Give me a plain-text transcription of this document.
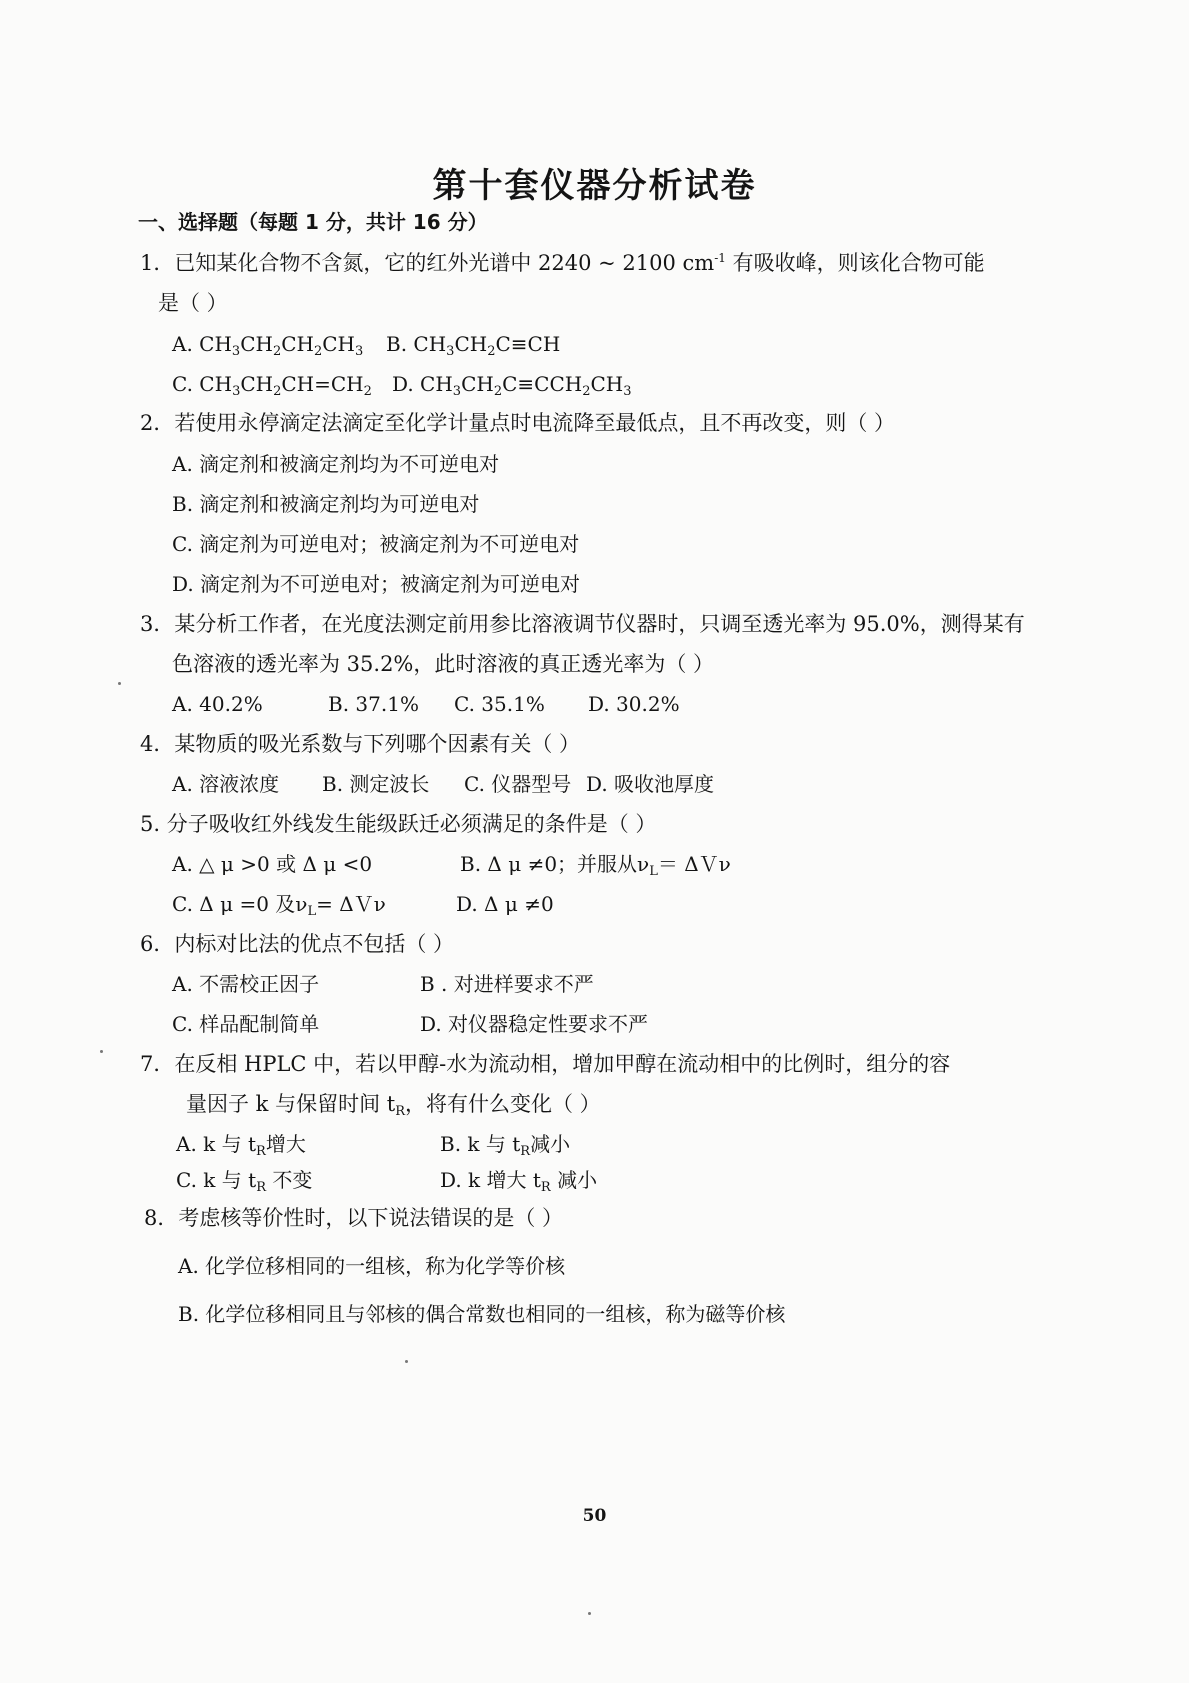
第十套仪器分析试卷
一、选择题（每题 1 分，共计 16 分）
1．已知某化合物不含氮，它的红外光谱中 2240 ~ 2100 $cm^{-1}$ 有吸收峰，则该化合物可能
是（ ）
A. $CH_3CH_2CH_2CH_3$ B. $CH_3CH_2C\equiv CH$
C. $CH_3CH_2CH=CH_2$ D. $CH_3CH_2C\equiv CCH_2CH_3$
2．若使用永停滴定法滴定至化学计量点时电流降至最低点，且不再改变，则（ ）
A. 滴定剂和被滴定剂均为不可逆电对
B. 滴定剂和被滴定剂均为可逆电对
C. 滴定剂为可逆电对；被滴定剂为不可逆电对
D. 滴定剂为不可逆电对；被滴定剂为可逆电对
3．某分析工作者，在光度法测定前用参比溶液调节仪器时，只调至透光率为 95.0%，测得某有
色溶液的透光率为 35.2%，此时溶液的真正透光率为（ ）
A. 40.2%	B. 37.1% C. 35.1% D. 30.2%
4．某物质的吸光系数与下列哪个因素有关（ ）
A. 溶液浓度 B. 测定波长 C. 仪器型号 D. 吸收池厚度
5. 分子吸收红外线发生能级跃迁必须满足的条件是（ ）
A. △ μ >0 或 Δ μ <0	B. Δ μ ≠0；并服从$\nu_L=$ ΔＶν
C. Δ μ =0 及$\nu_L=$ ΔＶν	D. Δ μ ≠0
6．内标对比法的优点不包括（ ）
A. 不需校正因子	B . 对进样要求不严
C. 样品配制简单	D. 对仪器稳定性要求不严
7．在反相 HPLC 中，若以甲醇-水为流动相，增加甲醇在流动相中的比例时，组分的容
量因子 k 与保留时间 $t_R$，将有什么变化（ ）
A. k 与 $t_R$增大	B. k 与 $t_R$减小
C. k 与 $t_R$ 不变	D. k 增大 $t_R$ 减小
8．考虑核等价性时，以下说法错误的是（ ）
A. 化学位移相同的一组核，称为化学等价核
B. 化学位移相同且与邻核的偶合常数也相同的一组核，称为磁等价核
50
